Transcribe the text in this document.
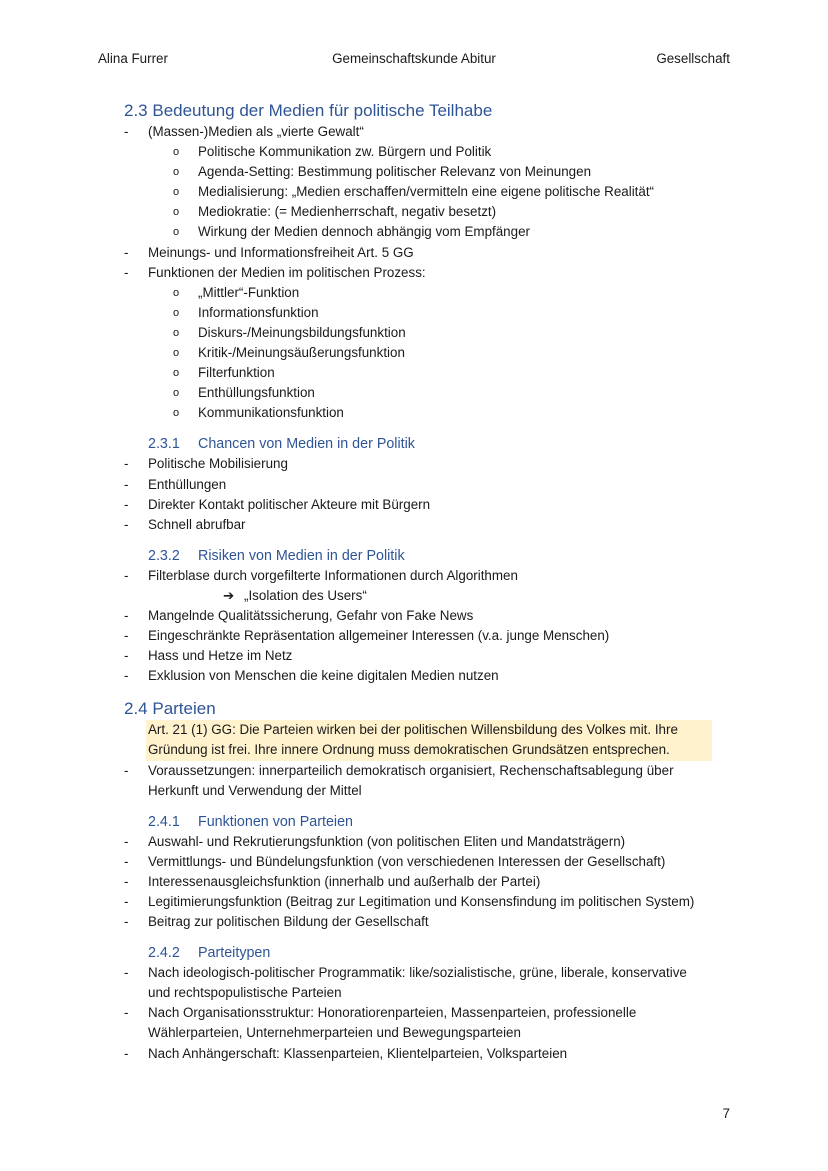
Alina Furrer	Gemeinschaftskunde Abitur	Gesellschaft
2.3 Bedeutung der Medien für politische Teilhabe
- (Massen-)Medien als „vierte Gewalt“
o Politische Kommunikation zw. Bürgern und Politik
o Agenda-Setting: Bestimmung politischer Relevanz von Meinungen
o Medialisierung: „Medien erschaffen/vermitteln eine eigene politische Realität“
o Mediokratie: (= Medienherrschaft, negativ besetzt)
o Wirkung der Medien dennoch abhängig vom Empfänger
- Meinungs- und Informationsfreiheit Art. 5 GG
- Funktionen der Medien im politischen Prozess:
o „Mittler“-Funktion
o Informationsfunktion
o Diskurs-/Meinungsbildungsfunktion
o Kritik-/Meinungsäußerungsfunktion
o Filterfunktion
o Enthüllungsfunktion
o Kommunikationsfunktion
2.3.1 Chancen von Medien in der Politik
- Politische Mobilisierung
- Enthüllungen
- Direkter Kontakt politischer Akteure mit Bürgern
- Schnell abrufbar
2.3.2 Risiken von Medien in der Politik
- Filterblase durch vorgefilterte Informationen durch Algorithmen
➔ „Isolation des Users“
- Mangelnde Qualitätssicherung, Gefahr von Fake News
- Eingeschränkte Repräsentation allgemeiner Interessen (v.a. junge Menschen)
- Hass und Hetze im Netz
- Exklusion von Menschen die keine digitalen Medien nutzen
2.4 Parteien
Art. 21 (1) GG: Die Parteien wirken bei der politischen Willensbildung des Volkes mit. Ihre
Gründung ist frei. Ihre innere Ordnung muss demokratischen Grundsätzen entsprechen.
- Voraussetzungen: innerparteilich demokratisch organisiert, Rechenschaftsablegung über
Herkunft und Verwendung der Mittel
2.4.1 Funktionen von Parteien
- Auswahl- und Rekrutierungsfunktion (von politischen Eliten und Mandatsträgern)
- Vermittlungs- und Bündelungsfunktion (von verschiedenen Interessen der Gesellschaft)
- Interessenausgleichsfunktion (innerhalb und außerhalb der Partei)
- Legitimierungsfunktion (Beitrag zur Legitimation und Konsensfindung im politischen System)
- Beitrag zur politischen Bildung der Gesellschaft
2.4.2 Parteitypen
- Nach ideologisch-politischer Programmatik: like/sozialistische, grüne, liberale, konservative
und rechtspopulistische Parteien
- Nach Organisationsstruktur: Honoratiorenparteien, Massenparteien, professionelle
Wählerparteien, Unternehmerparteien und Bewegungsparteien
- Nach Anhängerschaft: Klassenparteien, Klientelparteien, Volksparteien
7
